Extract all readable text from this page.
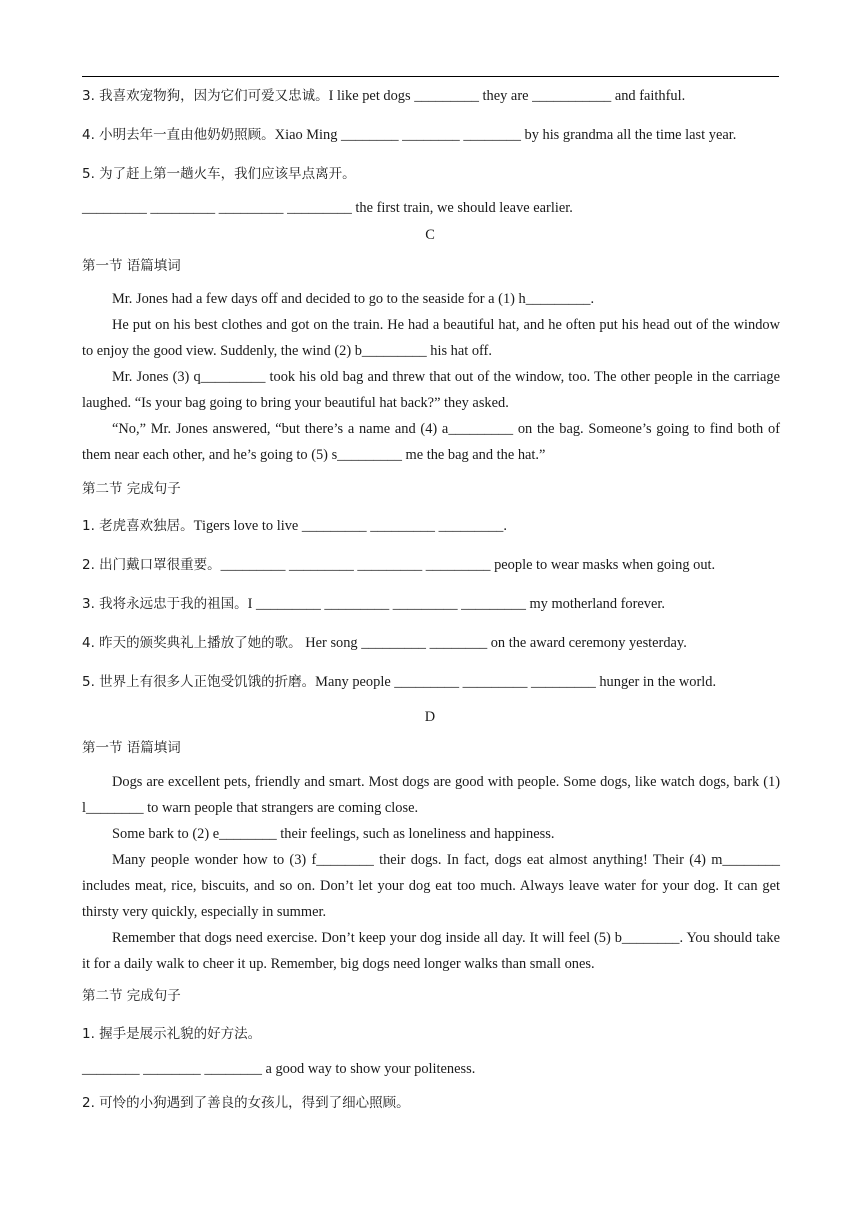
3. 我喜欢宠物狗，因为它们可爱又忠诚。I like pet dogs _________ they are ___________ and faithful.
4. 小明去年一直由他奶奶照顾。Xiao Ming ________ ________ ________ by his grandma all the time last year.
5. 为了赶上第一趟火车，我们应该早点离开。
_________ _________ _________ _________ the first train, we should leave earlier.
C
第一节 语篇填词

Mr. Jones had a few days off and decided to go to the seaside for a (1) h_________.

He put on his best clothes and got on the train. He had a beautiful hat, and he often put his head out of the window to enjoy the good view. Suddenly, the wind (2) b_________ his hat off.

Mr. Jones (3) q_________ took his old bag and threw that out of the window, too. The other people in the carriage laughed. “Is your bag going to bring your beautiful hat back?” they asked.

“No,” Mr. Jones answered, “but there’s a name and (4) a_________ on the bag. Someone’s going to find both of them near each other, and he’s going to (5) s_________ me the bag and the hat.”

第二节 完成句子
1. 老虎喜欢独居。Tigers love to live _________ _________ _________.
2. 出门戴口罩很重要。_________ _________ _________ _________ people to wear masks when going out.
3. 我将永远忠于我的祖国。I _________ _________ _________ _________ my motherland forever.
4. 昨天的颁奖典礼上播放了她的歌。 Her song _________ ________ on the award ceremony yesterday.
5. 世界上有很多人正饱受饥饿的折磨。Many people _________ _________ _________ hunger in the world.
D
第一节 语篇填词

Dogs are excellent pets, friendly and smart. Most dogs are good with people. Some dogs, like watch dogs, bark (1) l________ to warn people that strangers are coming close.

Some bark to (2) e________ their feelings, such as loneliness and happiness.

Many people wonder how to (3) f________ their dogs. In fact, dogs eat almost anything! Their (4) m________ includes meat, rice, biscuits, and so on. Don’t let your dog eat too much. Always leave water for your dog. It can get thirsty very quickly, especially in summer.

Remember that dogs need exercise. Don’t keep your dog inside all day. It will feel (5) b________. You should take it for a daily walk to cheer it up. Remember, big dogs need longer walks than small ones.

第二节 完成句子
1. 握手是展示礼貌的好方法。
________ ________ ________ a good way to show your politeness.
2. 可怜的小狗遇到了善良的女孩儿，得到了细心照顾。
